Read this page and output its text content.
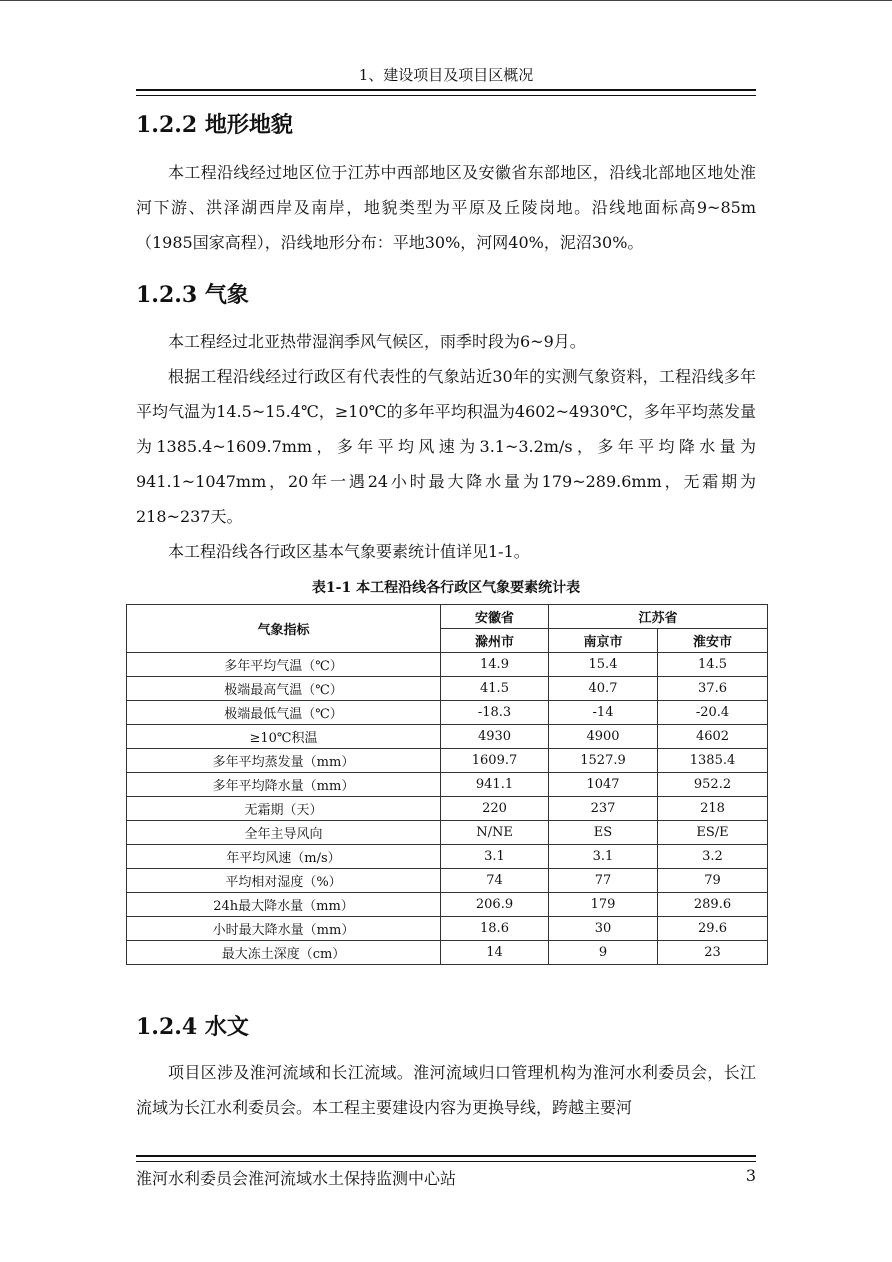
1、建设项目及项目区概况
1.2.2 地形地貌

本工程沿线经过地区位于江苏中西部地区及安徽省东部地区，沿线北部地区地处淮河下游、洪泽湖西岸及南岸，地貌类型为平原及丘陵岗地。沿线地面标高9~85m（1985国家高程），沿线地形分布：平地30%，河网40%，泥沼30%。

1.2.3 气象

本工程经过北亚热带湿润季风气候区，雨季时段为6~9月。

根据工程沿线经过行政区有代表性的气象站近30年的实测气象资料，工程沿线多年平均气温为14.5~15.4℃，≥10℃的多年平均积温为4602~4930℃，多年平均蒸发量为1385.4~1609.7mm，多年平均风速为3.1~3.2m/s，多年平均降水量为941.1~1047mm，20年一遇24小时最大降水量为179~289.6mm，无霜期为218~237天。

本工程沿线各行政区基本气象要素统计值详见1-1。

表1-1 本工程沿线各行政区气象要素统计表
气象指标	安徽省	江苏省	
	滁州市	南京市	淮安市
多年平均气温（℃）	14.9	15.4	14.5
极端最高气温（℃）	41.5	40.7	37.6
极端最低气温（℃）	-18.3	-14	-20.4
≥10℃积温	4930	4900	4602
多年平均蒸发量（mm）	1609.7	1527.9	1385.4
多年平均降水量（mm）	941.1	1047	952.2
无霜期（天）	220	237	218
全年主导风向	N/NE	ES	ES/E
年平均风速（m/s）	3.1	3.1	3.2
平均相对湿度（%）	74	77	79
24h最大降水量（mm）	206.9	179	289.6
小时最大降水量（mm）	18.6	30	29.6
最大冻土深度（cm）	14	9	23
1.2.4 水文

项目区涉及淮河流域和长江流域。淮河流域归口管理机构为淮河水利委员会，长江流域为长江水利委员会。本工程主要建设内容为更换导线，跨越主要河

淮河水利委员会淮河流域水土保持监测中心站	3
